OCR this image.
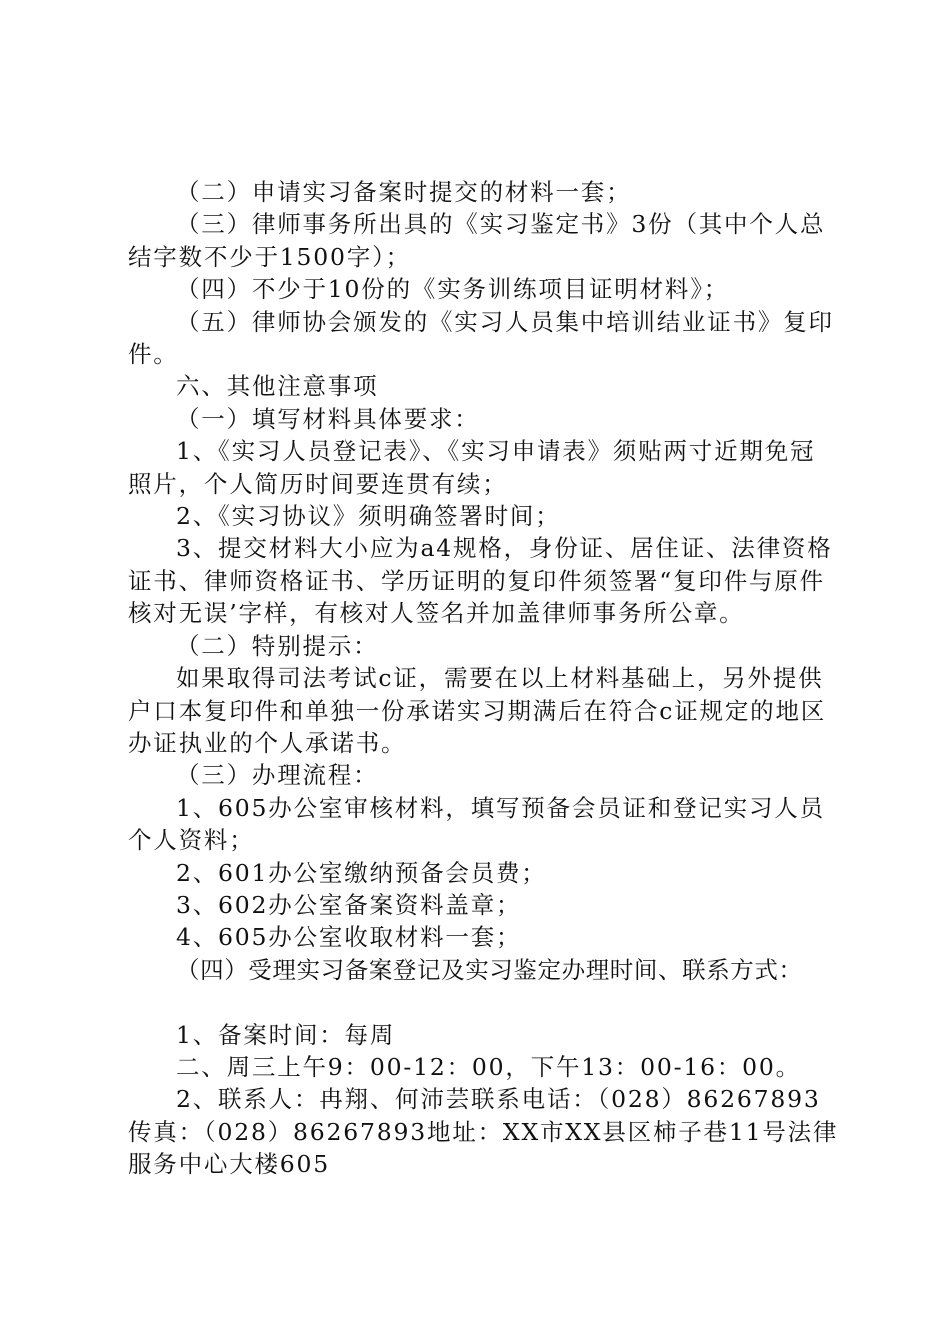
（二）申请实习备案时提交的材料一套；

（三）律师事务所出具的《实习鉴定书》3份（其中个人总结字数不少于1500字）；

（四）不少于10份的《实务训练项目证明材料》；

（五）律师协会颁发的《实习人员集中培训结业证书》复印件。

六、其他注意事项

（一）填写材料具体要求：

1、《实习人员登记表》、《实习申请表》须贴两寸近期免冠照片，个人简历时间要连贯有续；

2、《实习协议》须明确签署时间；

3、提交材料大小应为a4规格，身份证、居住证、法律资格证书、律师资格证书、学历证明的复印件须签署“复印件与原件核对无误’字样，有核对人签名并加盖律师事务所公章。

（二）特别提示：

如果取得司法考试c证，需要在以上材料基础上，另外提供户口本复印件和单独一份承诺实习期满后在符合c证规定的地区办证执业的个人承诺书。

（三）办理流程：

1、605办公室审核材料，填写预备会员证和登记实习人员个人资料；

2、601办公室缴纳预备会员费；

3、602办公室备案资料盖章；

4、605办公室收取材料一套；

（四）受理实习备案登记及实习鉴定办理时间、联系方式：

1、备案时间：每周

二、周三上午9：00-12：00，下午13：00-16：00。

2、联系人：冉翔、何沛芸联系电话：（028）86267893传真：（028）86267893地址：XX市XX县区柿子巷11号法律服务中心大楼605
